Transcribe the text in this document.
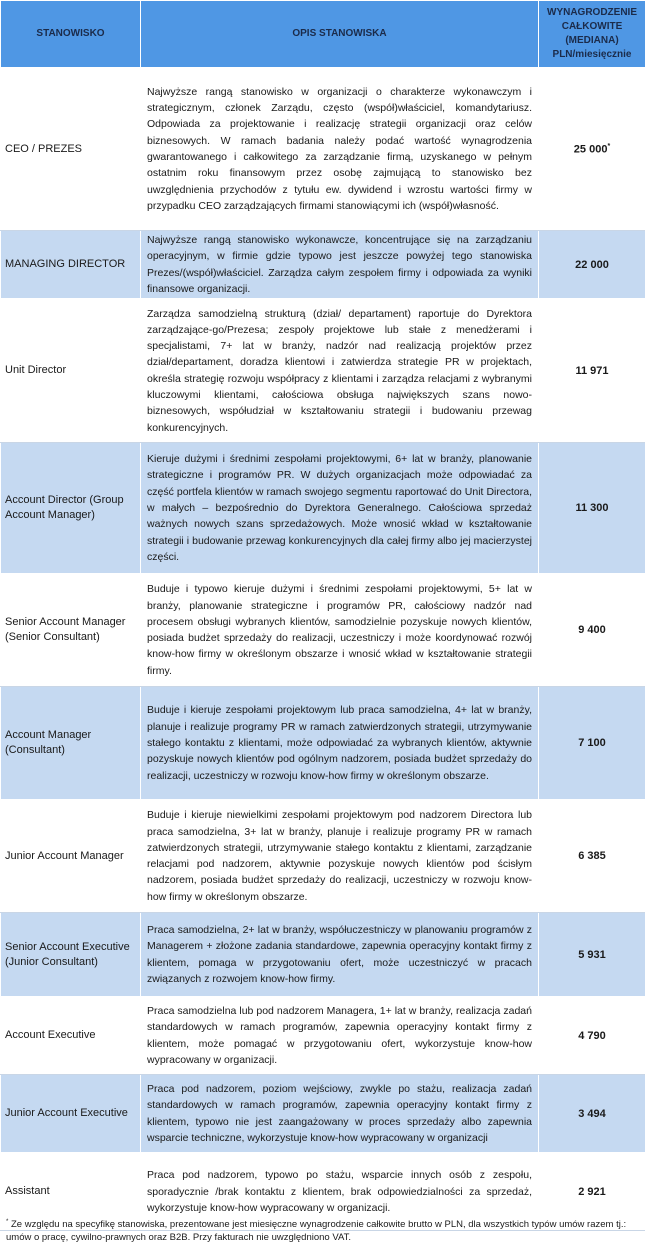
STANOWISKO	OPIS STANOWISKA	WYNAGRODZENIE CAŁKOWITE (MEDIANA) PLN/miesięcznie
CEO / PREZES	Najwyższe rangą stanowisko w organizacji o charakterze wykonawczym i strategicznym, członek Zarządu, często (współ)właściciel, komandytariusz. Odpowiada za projektowanie i realizację strategii organizacji oraz celów biznesowych. W ramach badania należy podać wartość wynagrodzenia gwarantowanego i całkowitego za zarządzanie firmą, uzyskanego w pełnym ostatnim roku finansowym przez osobę zajmującą to stanowisko bez uwzględnienia przychodów z tytułu ew. dywidend i wzrostu wartości firmy w przypadku CEO zarządzających firmami stanowiącymi ich (współ)własność.	25 000*
MANAGING DIRECTOR	Najwyższe rangą stanowisko wykonawcze, koncentrujące się na zarządzaniu operacyjnym, w firmie gdzie typowo jest jeszcze powyżej tego stanowiska Prezes/(współ)właściciel. Zarządza całym zespołem firmy i odpowiada za wyniki finansowe organizacji.	22 000
Unit Director	Zarządza samodzielną strukturą (dział/ departament) raportuje do Dyrektora zarządzające-go/Prezesa; zespoły projektowe lub stałe z menedżerami i specjalistami, 7+ lat w branży, nadzór nad realizacją projektów przez dział/departament, doradza klientowi i zatwierdza strategie PR w projektach, określa strategię rozwoju współpracy z klientami i zarządza relacjami z wybranymi kluczowymi klientami, całościowa obsługa największych szans nowo- biznesowych, współudział w kształtowaniu strategii i budowaniu przewag konkurencyjnych.	11 971
Account Director (Group Account Manager)	Kieruje dużymi i średnimi zespołami projektowymi, 6+ lat w branży, planowanie strategiczne i programów PR. W dużych organizacjach może odpowiadać za część portfela klientów w ramach swojego segmentu raportować do Unit Directora, w małych – bezpośrednio do Dyrektora Generalnego. Całościowa sprzedaż ważnych nowych szans sprzedażowych. Może wnosić wkład w kształtowanie strategii i budowanie przewag konkurencyjnych dla całej firmy albo jej macierzystej części.	11 300
Senior Account Manager (Senior Consultant)	Buduje i typowo kieruje dużymi i średnimi zespołami projektowymi, 5+ lat w branży, planowanie strategiczne i programów PR, całościowy nadzór nad procesem obsługi wybranych klientów, samodzielnie pozyskuje nowych klientów, posiada budżet sprzedaży do realizacji, uczestniczy i może koordynować rozwój know-how firmy w określonym obszarze i wnosić wkład w kształtowanie strategii firmy.	9 400
Account Manager (Consultant)	Buduje i kieruje zespołami projektowym lub praca samodzielna, 4+ lat w branży, planuje i realizuje programy PR w ramach zatwierdzonych strategii, utrzymywanie stałego kontaktu z klientami, może odpowiadać za wybranych klientów, aktywnie pozyskuje nowych klientów pod ogólnym nadzorem, posiada budżet sprzedaży do realizacji, uczestniczy w rozwoju know-how firmy w określonym obszarze.	7 100
Junior Account Manager	Buduje i kieruje niewielkimi zespołami projektowym pod nadzorem Directora lub praca samodzielna, 3+ lat w branży, planuje i realizuje programy PR w ramach zatwierdzonych strategii, utrzymywanie stałego kontaktu z klientami, zarządzanie relacjami pod nadzorem, aktywnie pozyskuje nowych klientów pod ścisłym nadzorem, posiada budżet sprzedaży do realizacji, uczestniczy w rozwoju know-how firmy w określonym obszarze.	6 385
Senior Account Executive (Junior Consultant)	Praca samodzielna, 2+ lat w branży, współuczestniczy w planowaniu programów z Managerem + złożone zadania standardowe, zapewnia operacyjny kontakt firmy z klientem, pomaga w przygotowaniu ofert, może uczestniczyć w pracach związanych z rozwojem know-how firmy.	5 931
Account Executive	Praca samodzielna lub pod nadzorem Managera, 1+ lat w branży, realizacja zadań standardowych w ramach programów, zapewnia operacyjny kontakt firmy z klientem, może pomagać w przygotowaniu ofert, wykorzystuje know-how wypracowany w organizacji.	4 790
Junior Account Executive	Praca pod nadzorem, poziom wejściowy, zwykle po stażu, realizacja zadań standardowych w ramach programów, zapewnia operacyjny kontakt firmy z klientem, typowo nie jest zaangażowany w proces sprzedaży albo zapewnia wsparcie techniczne, wykorzystuje know-how wypracowany w organizacji	3 494
Assistant	Praca pod nadzorem, typowo po stażu, wsparcie innych osób z zespołu, sporadycznie /brak kontaktu z klientem, brak odpowiedzialności za sprzedaż, wykorzystuje know-how wypracowany w organizacji.	2 921
* Ze względu na specyfikę stanowiska, prezentowane jest miesięczne wynagrodzenie całkowite brutto w PLN, dla wszystkich typów umów razem tj.: umów o pracę, cywilno-prawnych oraz B2B. Przy fakturach nie uwzględniono VAT.
